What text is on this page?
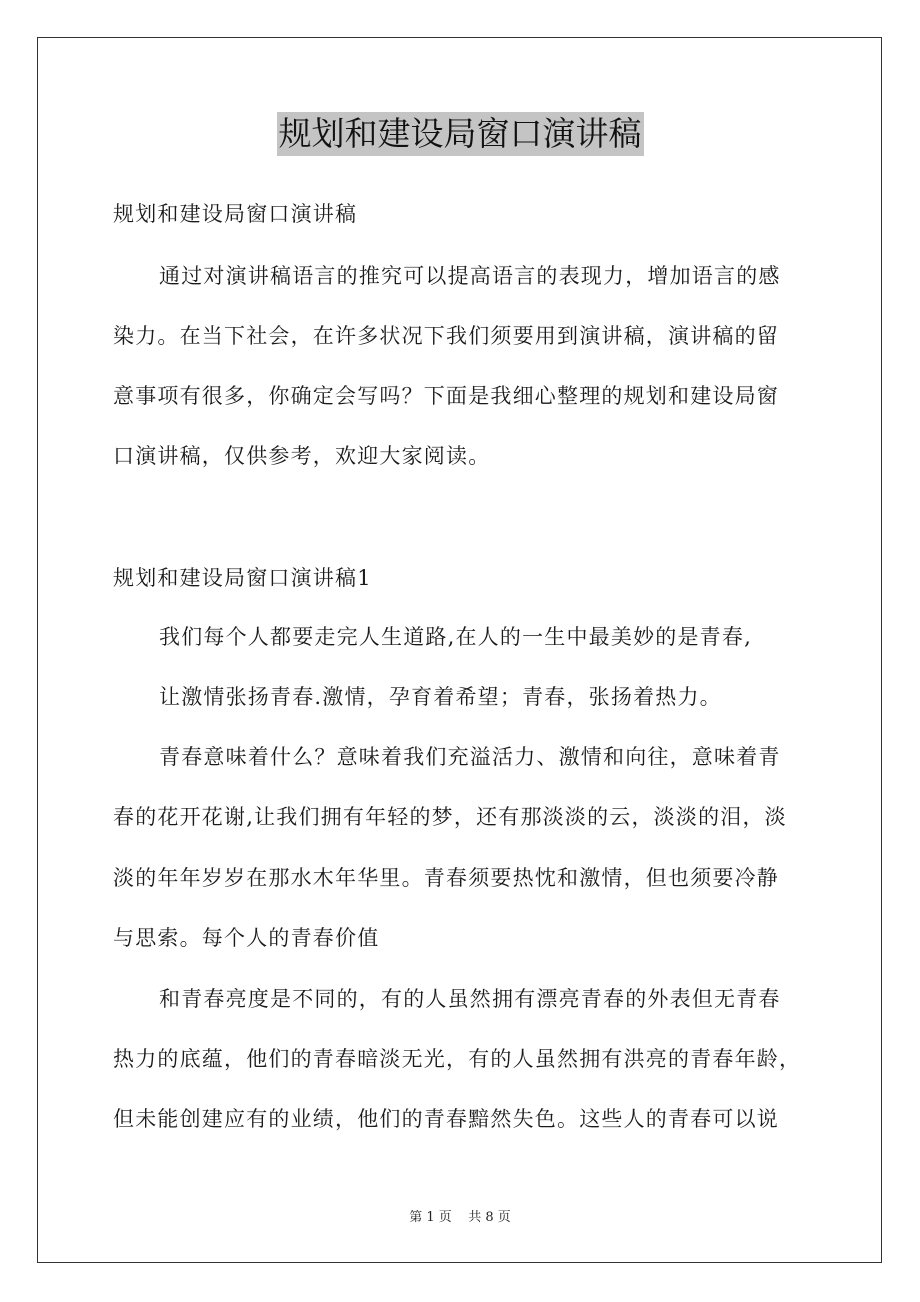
规划和建设局窗口演讲稿
规划和建设局窗口演讲稿
通过对演讲稿语言的推究可以提高语言的表现力，增加语言的感
染力。在当下社会，在许多状况下我们须要用到演讲稿，演讲稿的留
意事项有很多，你确定会写吗？下面是我细心整理的规划和建设局窗
口演讲稿，仅供参考，欢迎大家阅读。
规划和建设局窗口演讲稿1
我们每个人都要走完人生道路,在人的一生中最美妙的是青春,
让激情张扬青春.激情，孕育着希望；青春，张扬着热力。
青春意味着什么？意味着我们充溢活力、激情和向往，意味着青
春的花开花谢,让我们拥有年轻的梦，还有那淡淡的云，淡淡的泪，淡
淡的年年岁岁在那水木年华里。青春须要热忱和激情，但也须要冷静
与思索。每个人的青春价值
和青春亮度是不同的，有的人虽然拥有漂亮青春的外表但无青春
热力的底蕴，他们的青春暗淡无光，有的人虽然拥有洪亮的青春年龄，
但未能创建应有的业绩，他们的青春黯然失色。这些人的青春可以说
第 1 页    共 8 页
